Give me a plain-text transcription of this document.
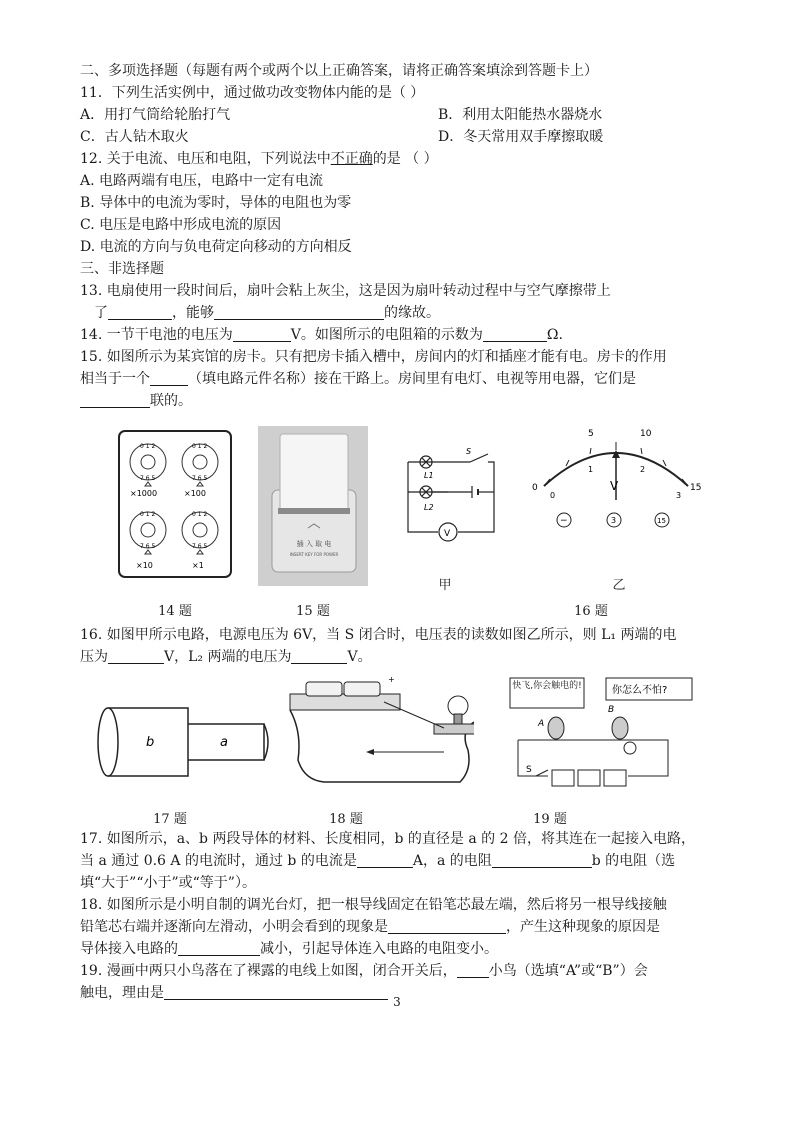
二、多项选择题（每题有两个或两个以上正确答案，请将正确答案填涂到答题卡上）
11．下列生活实例中，通过做功改变物体内能的是（ ）
A．用打气筒给轮胎打气	B．利用太阳能热水器烧水
C．古人钻木取火	D．冬天常用双手摩擦取暖
12. 关于电流、电压和电阻，下列说法中不正确的是 （ ）
A. 电路两端有电压，电路中一定有电流
B. 导体中的电流为零时，导体的电阻也为零
C. 电压是电路中形成电流的原因
D. 电流的方向与负电荷定向移动的方向相反
三、非选择题
13. 电扇使用一段时间后，扇叶会粘上灰尘，这是因为扇叶转动过程中与空气摩擦带上
了	，能够	的缘故。
14. 一节干电池的电压为	V。如图所示的电阻箱的示数为	Ω.
15. 如图所示为某宾馆的房卡。只有把房卡插入槽中，房间内的灯和插座才能有电。房卡的作用
相当于一个	（填电路元件名称）接在干路上。房间里有电灯、电视等用电器，它们是
联的。
0 1 2
7 6 5
×1000
0 1 2
7 6 5
×100
0 1 2
7 6 5
×10
0 1 2
7 6 5
×1
插 入 取 电
INSERT KEY FOR POWER
S
L1
L2
V
甲
5	10
0	15
0
1	2
3
V
−	3	15
乙
14 题	15 题	16 题
16. 如图甲所示电路，电源电压为 6V，当 S 闭合时，电压表的读数如图乙所示，则 L₁ 两端的电
压为	V，L₂ 两端的电压为	V。
b	a
+
快飞,你会触电的!	你怎么不怕?
A
B
S
17 题	18 题	19 题
17. 如图所示，a、b 两段导体的材料、长度相同，b 的直径是 a 的 2 倍，将其连在一起接入电路，
当 a 通过 0.6 A 的电流时，通过 b 的电流是	A，a 的电阻	b 的电阻（选
填“大于”“小于”或“等于”）。
18. 如图所示是小明自制的调光台灯，把一根导线固定在铅笔芯最左端，然后将另一根导线接触
铅笔芯右端并逐渐向左滑动，小明会看到的现象是	，产生这种现象的原因是
导体接入电路的	减小，引起导体连入电路的电阻变小。
19. 漫画中两只小鸟落在了裸露的电线上如图，闭合开关后， 小鸟（选填“A”或“B”）会
触电，理由是
3
